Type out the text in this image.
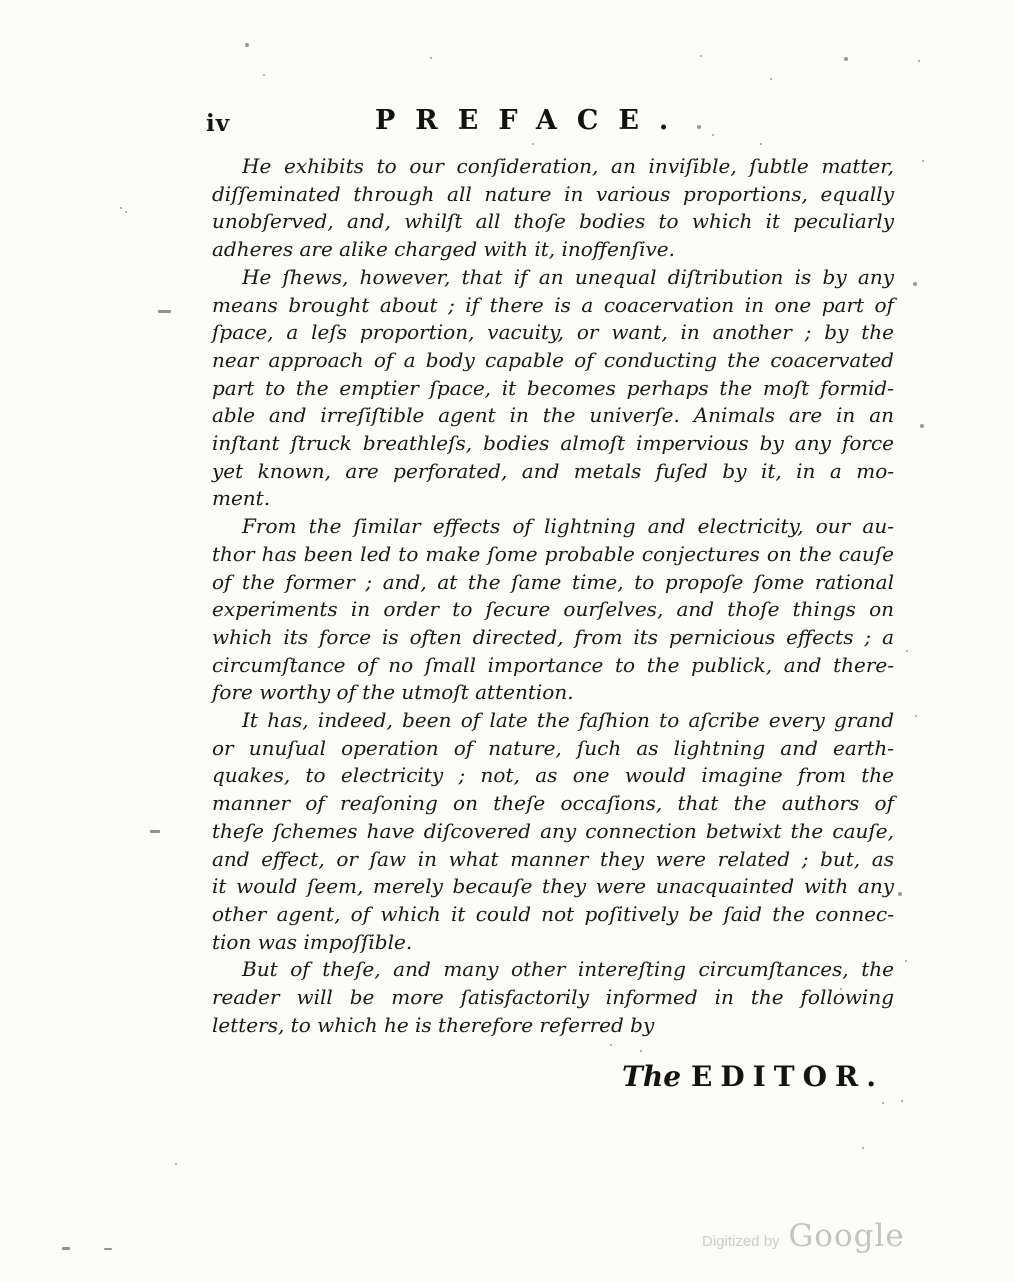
iv	PREFACE.
He exhibits to our conſideration, an inviſible, ſubtle matter,
diſſeminated through all nature in various proportions, equally
unobſerved, and, whilſt all thoſe bodies to which it peculiarly
adheres are alike charged with it, inoffenſive.
He ſhews, however, that if an unequal diſtribution is by any
means brought about ; if there is a coacervation in one part of
ſpace, a leſs proportion, vacuity, or want, in another ; by the
near approach of a body capable of conducting the coacervated
part to the emptier ſpace, it becomes perhaps the moſt formid-
able and irreſiſtible agent in the univerſe. Animals are in an
inſtant ſtruck breathleſs, bodies almoſt impervious by any force
yet known, are perforated, and metals fuſed by it, in a mo-
ment.
From the ſimilar effects of lightning and electricity, our au-
thor has been led to make ſome probable conjectures on the cauſe
of the former ; and, at the ſame time, to propoſe ſome rational
experiments in order to ſecure ourſelves, and thoſe things on
which its force is often directed, from its pernicious effects ; a
circumſtance of no ſmall importance to the publick, and there-
fore worthy of the utmoſt attention.
It has, indeed, been of late the faſhion to aſcribe every grand
or unuſual operation of nature, ſuch as lightning and earth-
quakes, to electricity ; not, as one would imagine from the
manner of reaſoning on theſe occaſions, that the authors of
theſe ſchemes have diſcovered any connection betwixt the cauſe,
and effect, or ſaw in what manner they were related ; but, as
it would ſeem, merely becauſe they were unacquainted with any
other agent, of which it could not poſitively be ſaid the connec-
tion was impoſſible.
But of theſe, and many other intereſting circumſtances, the
reader will be more ſatisfactorily informed in the following
letters, to which he is therefore referred by
The EDITOR.
Digitized by Google
